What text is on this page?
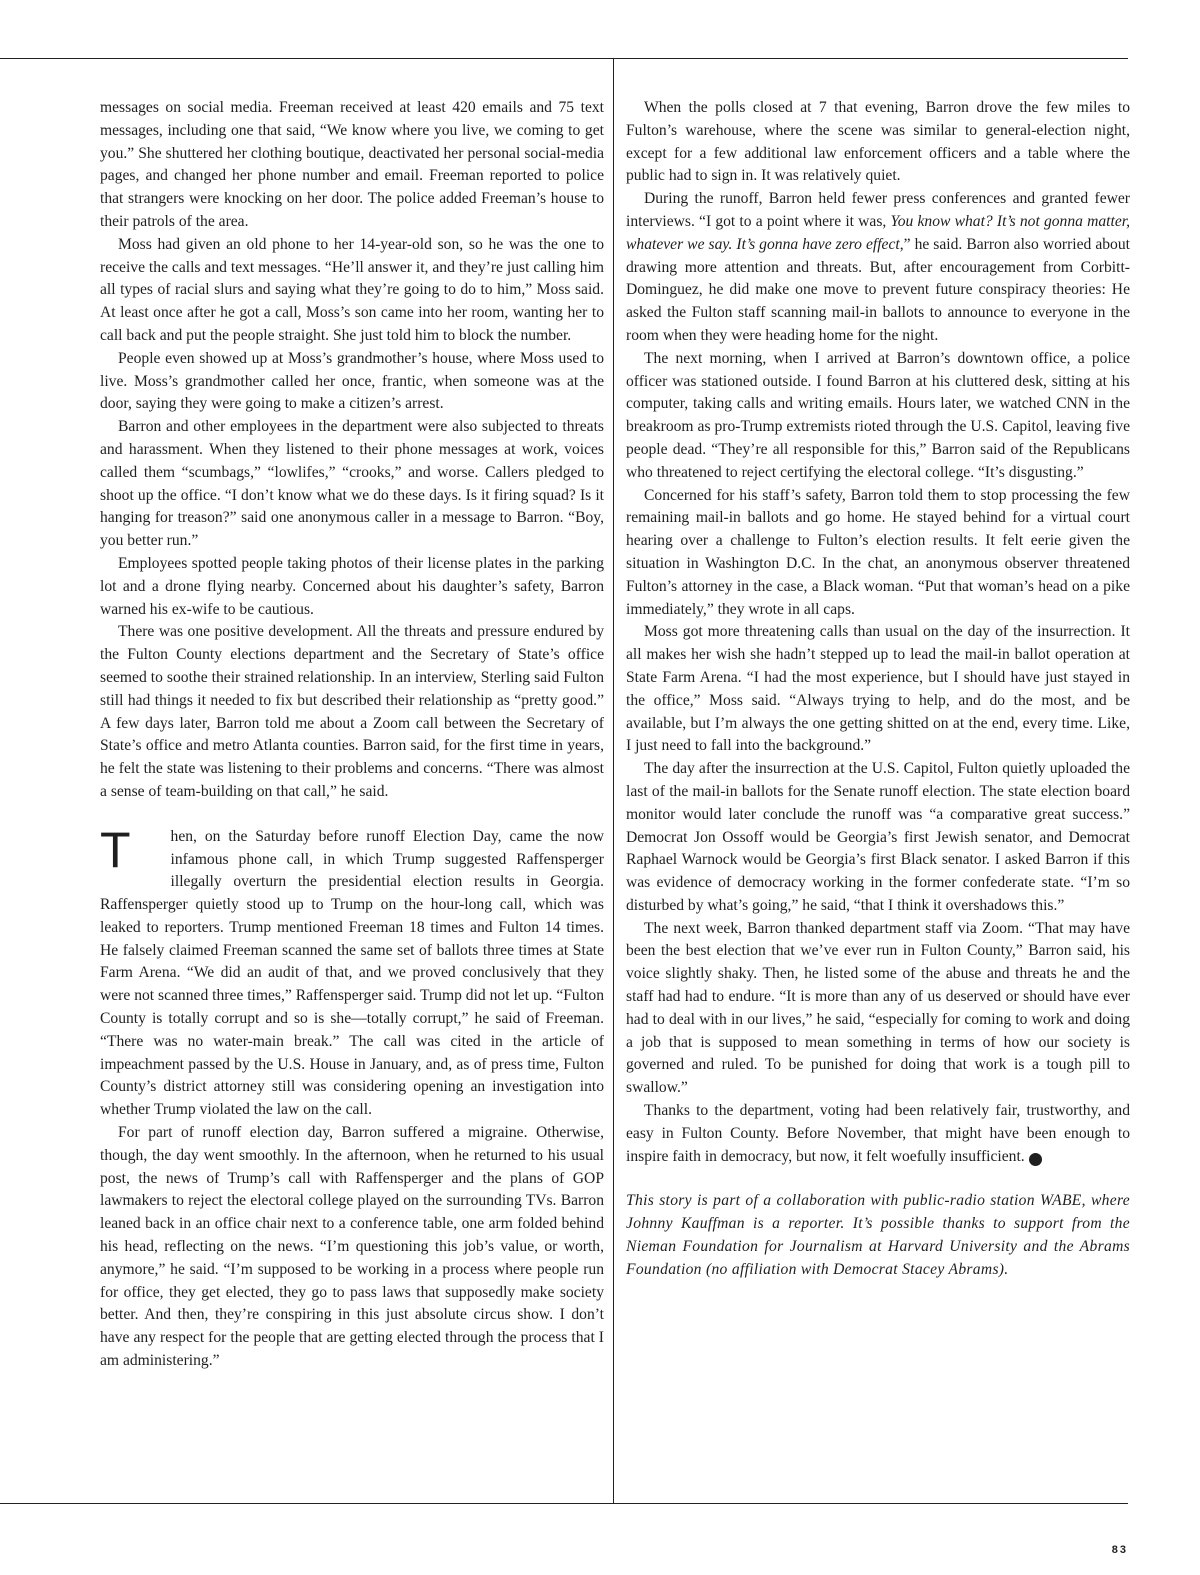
messages on social media. Freeman received at least 420 emails and 75 text messages, including one that said, “We know where you live, we coming to get you.” She shuttered her clothing boutique, deactivated her personal social-media pages, and changed her phone number and email. Freeman reported to police that strangers were knocking on her door. The police added Freeman’s house to their patrols of the area.

Moss had given an old phone to her 14-year-old son, so he was the one to receive the calls and text messages. “He’ll answer it, and they’re just calling him all types of racial slurs and saying what they’re going to do to him,” Moss said. At least once after he got a call, Moss’s son came into her room, wanting her to call back and put the people straight. She just told him to block the number.

People even showed up at Moss’s grandmother’s house, where Moss used to live. Moss’s grandmother called her once, frantic, when someone was at the door, saying they were going to make a citizen’s arrest.

Barron and other employees in the department were also subjected to threats and harassment. When they listened to their phone messages at work, voices called them “scumbags,” “lowlifes,” “crooks,” and worse. Callers pledged to shoot up the office. “I don’t know what we do these days. Is it firing squad? Is it hanging for treason?” said one anonymous caller in a message to Barron. “Boy, you better run.”

Employees spotted people taking photos of their license plates in the parking lot and a drone flying nearby. Concerned about his daughter’s safety, Barron warned his ex-wife to be cautious.

There was one positive development. All the threats and pressure endured by the Fulton County elections department and the Secretary of State’s office seemed to soothe their strained relationship. In an interview, Sterling said Fulton still had things it needed to fix but described their relationship as “pretty good.” A few days later, Barron told me about a Zoom call between the Secretary of State’s office and metro Atlanta counties. Barron said, for the first time in years, he felt the state was listening to their problems and concerns. “There was almost a sense of team-building on that call,” he said.

T	hen, on the Saturday before runoff Election Day, came the now infamous phone call, in which Trump suggested Raffensperger illegally overturn the presidential election results in Georgia. Raffensperger quietly stood up to Trump on the hour-long call, which was leaked to reporters. Trump mentioned Freeman 18 times and Fulton 14 times. He falsely claimed Freeman scanned the same set of ballots three times at State Farm Arena. “We did an audit of that, and we proved conclusively that they were not scanned three times,” Raffensperger said. Trump did not let up. “Fulton County is totally corrupt and so is she—totally corrupt,” he said of Freeman. “There was no water-main break.” The call was cited in the article of impeachment passed by the U.S. House in January, and, as of press time, Fulton County’s district attorney still was considering opening an investigation into whether Trump violated the law on the call.

For part of runoff election day, Barron suffered a migraine. Otherwise, though, the day went smoothly. In the afternoon, when he returned to his usual post, the news of Trump’s call with Raffensperger and the plans of GOP lawmakers to reject the electoral college played on the surrounding TVs. Barron leaned back in an office chair next to a conference table, one arm folded behind his head, reflecting on the news. “I’m questioning this job’s value, or worth, anymore,” he said. “I’m supposed to be working in a process where people run for office, they get elected, they go to pass laws that supposedly make society better. And then, they’re conspiring in this just absolute circus show. I don’t have any respect for the people that are getting elected through the process that I am administering.”

When the polls closed at 7 that evening, Barron drove the few miles to Fulton’s warehouse, where the scene was similar to general-election night, except for a few additional law enforcement officers and a table where the public had to sign in. It was relatively quiet.

During the runoff, Barron held fewer press conferences and granted fewer interviews. “I got to a point where it was, You know what? It’s not gonna matter, whatever we say. It’s gonna have zero effect,” he said. Barron also worried about drawing more attention and threats. But, after encouragement from Corbitt-Dominguez, he did make one move to prevent future conspiracy theories: He asked the Fulton staff scanning mail-in ballots to announce to everyone in the room when they were heading home for the night.

The next morning, when I arrived at Barron’s downtown office, a police officer was stationed outside. I found Barron at his cluttered desk, sitting at his computer, taking calls and writing emails. Hours later, we watched CNN in the breakroom as pro-Trump extremists rioted through the U.S. Capitol, leaving five people dead. “They’re all responsible for this,” Barron said of the Republicans who threatened to reject certifying the electoral college. “It’s disgusting.”

Concerned for his staff’s safety, Barron told them to stop processing the few remaining mail-in ballots and go home. He stayed behind for a virtual court hearing over a challenge to Fulton’s election results. It felt eerie given the situation in Washington D.C. In the chat, an anonymous observer threatened Fulton’s attorney in the case, a Black woman. “Put that woman’s head on a pike immediately,” they wrote in all caps.

Moss got more threatening calls than usual on the day of the insurrection. It all makes her wish she hadn’t stepped up to lead the mail-in ballot operation at State Farm Arena. “I had the most experience, but I should have just stayed in the office,” Moss said. “Always trying to help, and do the most, and be available, but I’m always the one getting shitted on at the end, every time. Like, I just need to fall into the background.”

The day after the insurrection at the U.S. Capitol, Fulton quietly uploaded the last of the mail-in ballots for the Senate runoff election. The state election board monitor would later conclude the runoff was “a comparative great success.” Democrat Jon Ossoff would be Georgia’s first Jewish senator, and Democrat Raphael Warnock would be Georgia’s first Black senator. I asked Barron if this was evidence of democracy working in the former confederate state. “I’m so disturbed by what’s going,” he said, “that I think it overshadows this.”

The next week, Barron thanked department staff via Zoom. “That may have been the best election that we’ve ever run in Fulton County,” Barron said, his voice slightly shaky. Then, he listed some of the abuse and threats he and the staff had had to endure. “It is more than any of us deserved or should have ever had to deal with in our lives,” he said, “especially for coming to work and doing a job that is supposed to mean something in terms of how our society is governed and ruled. To be punished for doing that work is a tough pill to swallow.”

Thanks to the department, voting had been relatively fair, trustworthy, and easy in Fulton County. Before November, that might have been enough to inspire faith in democracy, but now, it felt woefully insufficient. ✦

This story is part of a collaboration with public-radio station WABE, where Johnny Kauffman is a reporter. It’s possible thanks to support from the Nieman Foundation for Journalism at Harvard University and the Abrams Foundation (no affiliation with Democrat Stacey Abrams).

83
